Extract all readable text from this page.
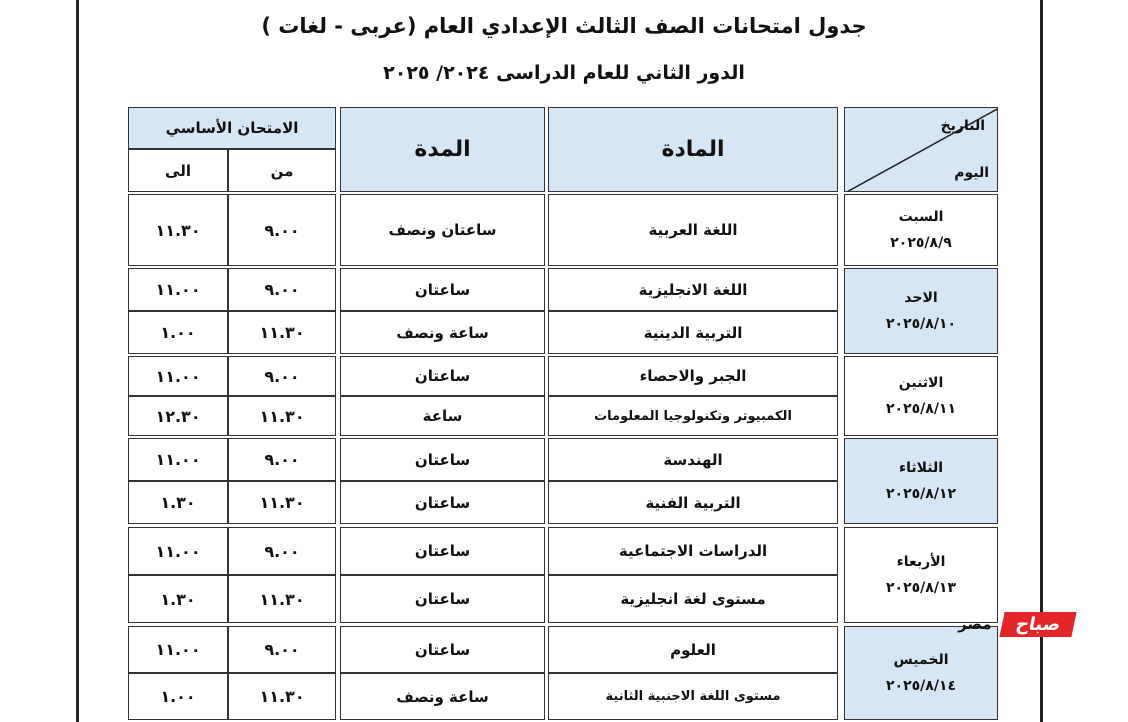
جدول امتحانات الصف الثالث الإعدادي العام (عربى - لغات )
الدور الثاني للعام الدراسى ٢٠٢٤/ ٢٠٢٥
التاريخ
اليوم
المادة
المدة
الامتحان الأساسي
من
الى
السبت
٢٠٢٥/٨/٩
اللغة العربية
ساعتان ونصف
٩.٠٠
١١.٣٠
الاحد
٢٠٢٥/٨/١٠
اللغة الانجليزية
ساعتان
٩.٠٠
١١.٠٠
التربية الدينية
ساعة ونصف
١١.٣٠
١.٠٠
الاثنين
٢٠٢٥/٨/١١
الجبر والاحصاء
ساعتان
٩.٠٠
١١.٠٠
الكمبيوتر وتكنولوجيا المعلومات
ساعة
١١.٣٠
١٢.٣٠
الثلاثاء
٢٠٢٥/٨/١٢
الهندسة
ساعتان
٩.٠٠
١١.٠٠
التربية الفنية
ساعتان
١١.٣٠
١.٣٠
الأربعاء
٢٠٢٥/٨/١٣
الدراسات الاجتماعية
ساعتان
٩.٠٠
١١.٠٠
مستوى لغة انجليزية
ساعتان
١١.٣٠
١.٣٠
الخميس
٢٠٢٥/٨/١٤
العلوم
ساعتان
٩.٠٠
١١.٠٠
مستوى اللغة الاجنبية الثانية
ساعة ونصف
١١.٣٠
١.٠٠
صباح
مصر
